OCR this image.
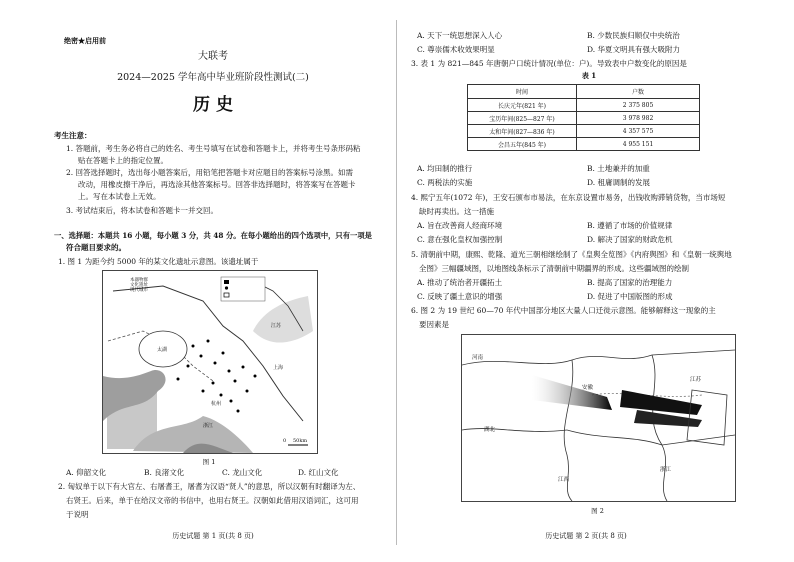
绝密★启用前
大联考
2024—2025 学年高中毕业班阶段性测试(二)
历 史
考生注意：
1. 答题前，考生务必将自己的姓名、考生号填写在试卷和答题卡上，并将考生号条形码粘
贴在答题卡上的指定位置。
2. 回答选择题时，选出每小题答案后，用铅笔把答题卡对应题目的答案标号涂黑。如需
改动，用橡皮擦干净后，再选涂其他答案标号。回答非选择题时，将答案写在答题卡
上。写在本试卷上无效。
3. 考试结束后，将本试卷和答题卡一并交回。
一、选择题：本题共 16 小题，每小题 3 分，共 48 分。在每小题给出的四个选项中，只有一项是
符合题目要求的。
1. 图 1 为距今约 5000 年的某文化遗址示意图。该遗址属于
本器物群
文化遗址
现代城市
江苏
上海
浙江
太湖
杭州
0 50km
图 1
A. 仰韶文化	B. 良渚文化	C. 龙山文化	D. 红山文化
2. 匈奴单于以下有大官左、右屠耆王，屠耆为汉语“贤人”的意思，所以汉朝有时翻译为左、
右贤王。后来，单于在给汉文帝的书信中，也用右贤王。汉朝如此借用汉语词汇，这可用
于说明
历史试题 第 1 页(共 8 页)
A. 天下一统思想深入人心	B. 少数民族归顺仅中央统治
C. 尊崇儒术收效果明显	D. 华夏文明具有强大吸附力
3. 表 1 为 821—845 年唐朝户口统计情况(单位：户)。导致表中户数变化的原因是
表 1
时间	户数
长庆元年(821 年)	2 375 805
宝历年间(825—827 年)	3 978 982
太和年间(827—836 年)	4 357 575
会昌五年(845 年)	4 955 151
A. 均田制的推行	B. 土地兼并的加重
C. 两税法的实施	D. 租庸调制的发展
4. 熙宁五年(1072 年)，王安石颁布市易法，在东京设置市易务，出钱收购滞销货物，当市场短
缺时再卖出。这一措施
A. 旨在改善商人经商环境	B. 遵循了市场的价值规律
C. 意在强化皇权加强控制	D. 解决了国家的财政危机
5. 清朝前中期，康熙、乾隆、道光三朝相继绘制了《皇舆全览图》《内府舆图》和《皇朝一统舆地
全图》三幅疆域图，以地图线条标示了清朝前中期疆界的形成。这些疆域图的绘制
A. 推动了统治者开疆拓土	B. 提高了国家的治理能力
C. 反映了疆土意识的增强	D. 促进了中国版图的形成
6. 图 2 为 19 世纪 60—70 年代中国部分地区大量人口迁徙示意图。能够解释这一现象的主
要因素是
河南
安徽
湖北
江苏
浙江
江西
图 2
历史试题 第 2 页(共 8 页)
